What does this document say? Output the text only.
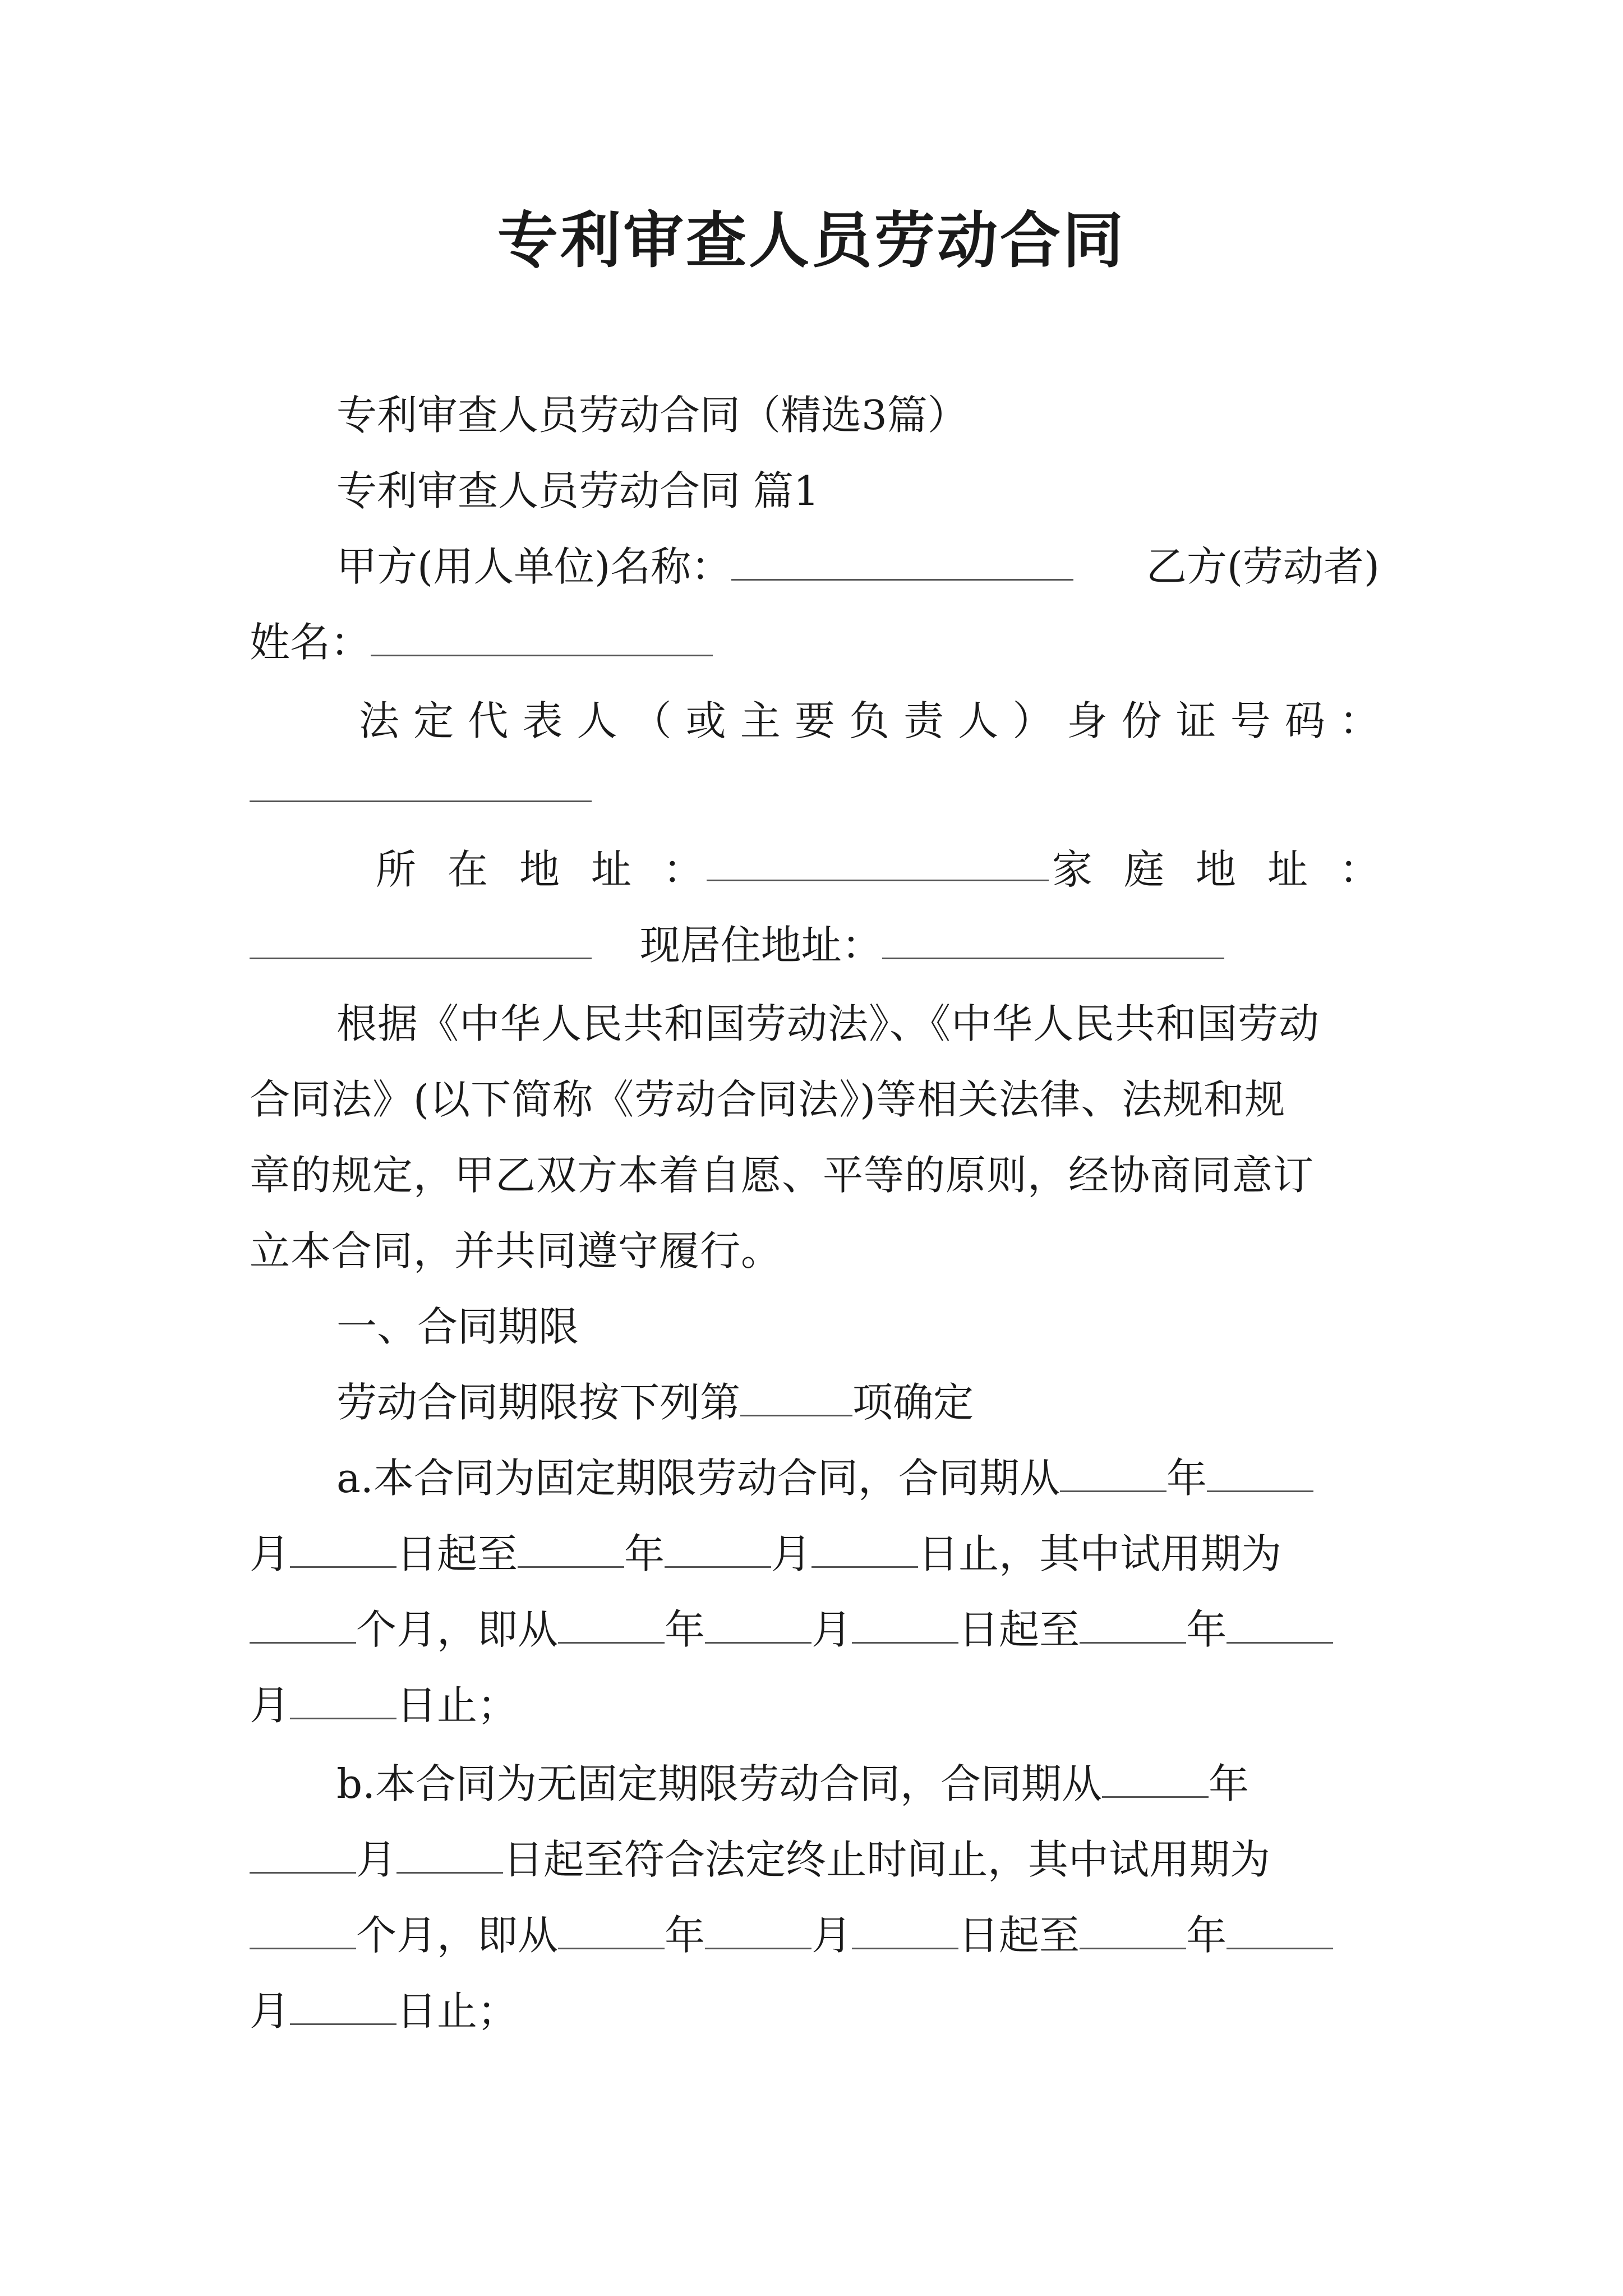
专利审查人员劳动合同
专利审查人员劳动合同（精选3篇）
专利审查人员劳动合同 篇1
甲方(用人单位)名称：	乙方(劳动者)
姓名：
法 定 代 表 人 （ 或 主 要 负 责 人 ） 身 份 证 号 码 ：
所 在 地 址 ：	家 庭 地 址 ：
现居住地址：
根据《中华人民共和国劳动法》、《中华人民共和国劳动
合同法》(以下简称《劳动合同法》)等相关法律、法规和规
章的规定，甲乙双方本着自愿、平等的原则，经协商同意订
立本合同，并共同遵守履行。
一、合同期限
劳动合同期限按下列第	项确定
a.本合同为固定期限劳动合同，合同期从	年
月	日起至	年	月	日止，其中试用期为
个月，即从	年	月	日起至	年
月	日止；
b.本合同为无固定期限劳动合同，合同期从	年
月	日起至符合法定终止时间止，其中试用期为
个月，即从	年	月	日起至	年
月	日止；
